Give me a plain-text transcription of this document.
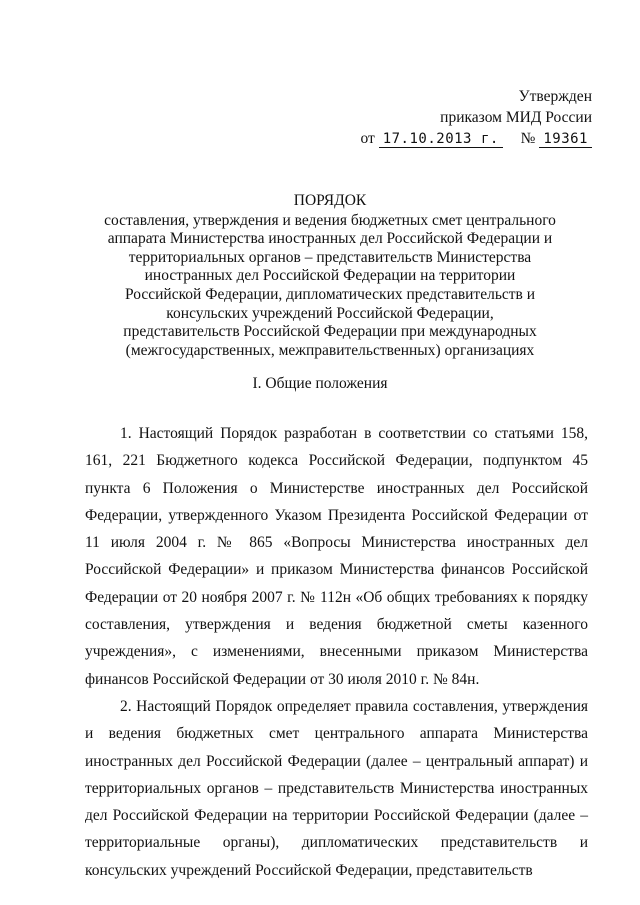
Утвержден
приказом МИД России
от 17.10.2013 г. № 19361
ПОРЯДОК
составления, утверждения и ведения бюджетных смет центрального
аппарата Министерства иностранных дел Российской Федерации и
территориальных органов – представительств Министерства
иностранных дел Российской Федерации на территории
Российской Федерации, дипломатических представительств и
консульских учреждений Российской Федерации,
представительств Российской Федерации при международных
(межгосударственных, межправительственных) организациях
I. Общие положения

1. Настоящий Порядок разработан в соответствии со статьями 158, 161, 221 Бюджетного кодекса Российской Федерации, подпунктом 45 пункта 6 Положения о Министерстве иностранных дел Российской Федерации, утвержденного Указом Президента Российской Федерации от 11 июля 2004 г. № 865 «Вопросы Министерства иностранных дел Российской Федерации» и приказом Министерства финансов Российской Федерации от 20 ноября 2007 г. № 112н «Об общих требованиях к порядку составления, утверждения и ведения бюджетной сметы казенного учреждения», с изменениями, внесенными приказом Министерства финансов Российской Федерации от 30 июля 2010 г. № 84н.

2. Настоящий Порядок определяет правила составления, утверждения и ведения бюджетных смет центрального аппарата Министерства иностранных дел Российской Федерации (далее – центральный аппарат) и территориальных органов – представительств Министерства иностранных дел Российской Федерации на территории Российской Федерации (далее – территориальные органы), дипломатических представительств и консульских учреждений Российской Федерации, представительств
